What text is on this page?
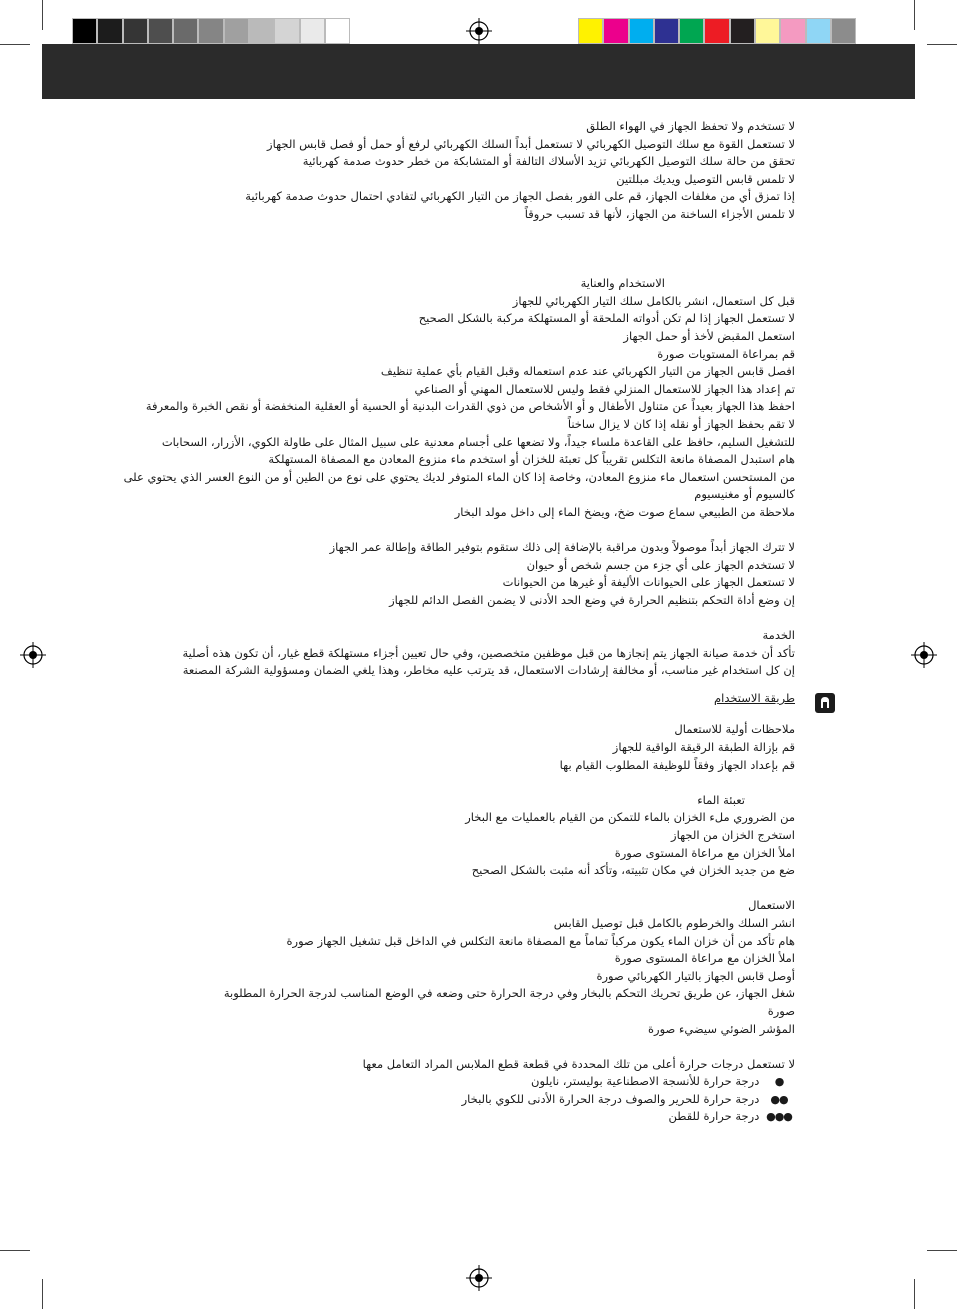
لا تستخدم ولا تحفظ الجهاز في الهواء الطلق

لا تستعمل القوة مع سلك التوصيل الكهربائي لا تستعمل أبداً السلك الكهربائي لرفع أو حمل أو فصل قابس الجهاز

تحقق من حالة سلك التوصيل الكهربائي تزيد الأسلاك التالفة أو المتشابكة من خطر حدوث صدمة كهربائية

لا تلمس قابس التوصيل ويديك مبللتين

إذا تمزق أي من مغلفات الجهاز، قم على الفور بفصل الجهاز من التيار الكهربائي لتفادي احتمال حدوث صدمة كهربائية

لا تلمس الأجزاء الساخنة من الجهاز، لأنها قد تسبب حروقاً

الاستخدام والعناية

قبل كل استعمال، انشر بالكامل سلك التيار الكهربائي للجهاز

لا تستعمل الجهاز إذا لم تكن أدواته الملحقة أو المستهلكة مركبة بالشكل الصحيح

استعمل المقبض لأخذ أو حمل الجهاز

قم بمراعاة المستويات صورة

افصل قابس الجهاز من التيار الكهربائي عند عدم استعماله وقبل القيام بأي عملية تنظيف

تم إعداد هذا الجهاز للاستعمال المنزلي فقط وليس للاستعمال المهني أو الصناعي

احفظ هذا الجهاز بعيداً عن متناول الأطفال و أو الأشخاص من ذوي القدرات البدنية أو الحسية أو العقلية المنخفضة أو نقص الخبرة والمعرفة

لا تقم بحفظ الجهاز أو نقله إذا كان لا يزال ساخناً

للتشغيل السليم، حافظ على القاعدة ملساء جيداً، ولا تضعها على أجسام معدنية على سبيل المثال على طاولة الكوي، الأزرار، السحابات

هام استبدل المصفاة مانعة التكلس تقريباً كل تعبئة للخزان أو استخدم ماء منزوع المعادن مع المصفاة المستهلكة

من المستحسن استعمال ماء منزوع المعادن، وخاصة إذا كان الماء المتوفر لديك يحتوي على نوع من الطين أو من النوع العسر الذي يحتوي على كالسيوم أو مغنيسيوم

ملاحظة من الطبيعي سماع صوت ضخ، ويضخ الماء إلى داخل مولد البخار

لا تترك الجهاز أبداً موصولاً وبدون مراقبة بالإضافة إلى ذلك ستقوم بتوفير الطاقة وإطالة عمر الجهاز

لا تستخدم الجهاز على أي جزء من جسم شخص أو حيوان

لا تستعمل الجهاز على الحيوانات الأليفة أو غيرها من الحيوانات

إن وضع أداة التحكم بتنظيم الحرارة في وضع الحد الأدنى لا يضمن الفصل الدائم للجهاز

الخدمة

تأكد أن خدمة صيانة الجهاز يتم إنجازها من قبل موظفين متخصصين، وفي حال تعيين أجزاء مستهلكة قطع غيار، أن تكون هذه أصلية

إن كل استخدام غير مناسب، أو مخالفة إرشادات الاستعمال، قد يترتب عليه مخاطر، وهذا يلغي الضمان ومسؤولية الشركة المصنعة

طريقة الاستخدام

ملاحظات أولية للاستعمال

قم بإزالة الطبقة الرقيقة الواقية للجهاز

قم بإعداد الجهاز وفقاً للوظيفة المطلوب القيام بها

تعبئة الماء

من الضروري ملء الخزان بالماء للتمكن من القيام بالعمليات مع البخار

استخرج الخزان من الجهاز

املأ الخزان مع مراعاة المستوى صورة

ضع من جديد الخزان في مكان تثبيته، وتأكد أنه مثبت بالشكل الصحيح

الاستعمال

انشر السلك والخرطوم بالكامل قبل توصيل القابس

هام تأكد من أن خزان الماء يكون مركباً تماماً مع المصفاة مانعة التكلس في الداخل قبل تشغيل الجهاز صورة

املأ الخزان مع مراعاة المستوى صورة

أوصل قابس الجهاز بالتيار الكهربائي صورة

شغل الجهاز، عن طريق تحريك التحكم بالبخار وفي درجة الحرارة حتى وضعه في الوضع المناسب لدرجة الحرارة المطلوبة

صورة

المؤشر الضوئي سيضيء صورة

لا تستعمل درجات حرارة أعلى من تلك المحددة في قطعة قطع الملابس المراد التعامل معها

● درجة حرارة للأنسجة الاصطناعية بوليستر، نايلون

●● درجة حرارة للحرير والصوف درجة الحرارة الأدنى للكوي بالبخار

●●● درجة حرارة للقطن
